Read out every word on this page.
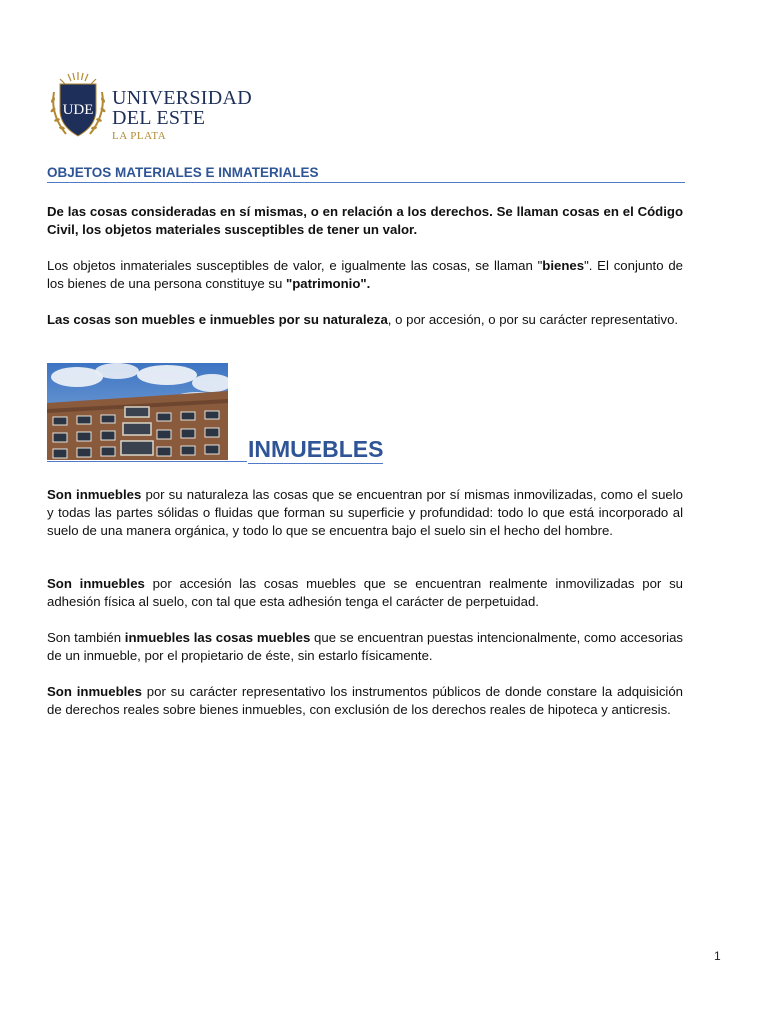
UDE
UNIVERSIDAD
DEL ESTE
LA PLATA
OBJETOS MATERIALES E INMATERIALES

De las cosas consideradas en sí mismas, o en relación a los derechos. Se llaman cosas en el Código Civil, los objetos materiales susceptibles de tener un valor.

Los objetos inmateriales susceptibles de valor, e igualmente las cosas, se llaman "bienes". El conjunto de los bienes de una persona constituye su "patrimonio".

Las cosas son muebles e inmuebles por su naturaleza, o por accesión, o por su carácter representativo.

INMUEBLES

Son inmuebles por su naturaleza las cosas que se encuentran por sí mismas inmovilizadas, como el suelo y todas las partes sólidas o fluidas que forman su superficie y profundidad: todo lo que está incorporado al suelo de una manera orgánica, y todo lo que se encuentra bajo el suelo sin el hecho del hombre.

Son inmuebles por accesión las cosas muebles que se encuentran realmente inmovilizadas por su adhesión física al suelo, con tal que esta adhesión tenga el carácter de perpetuidad.

Son también inmuebles las cosas muebles que se encuentran puestas intencionalmente, como accesorias de un inmueble, por el propietario de éste, sin estarlo físicamente.

Son inmuebles por su carácter representativo los instrumentos públicos de donde constare la adquisición de derechos reales sobre bienes inmuebles, con exclusión de los derechos reales de hipoteca y anticresis.

1
